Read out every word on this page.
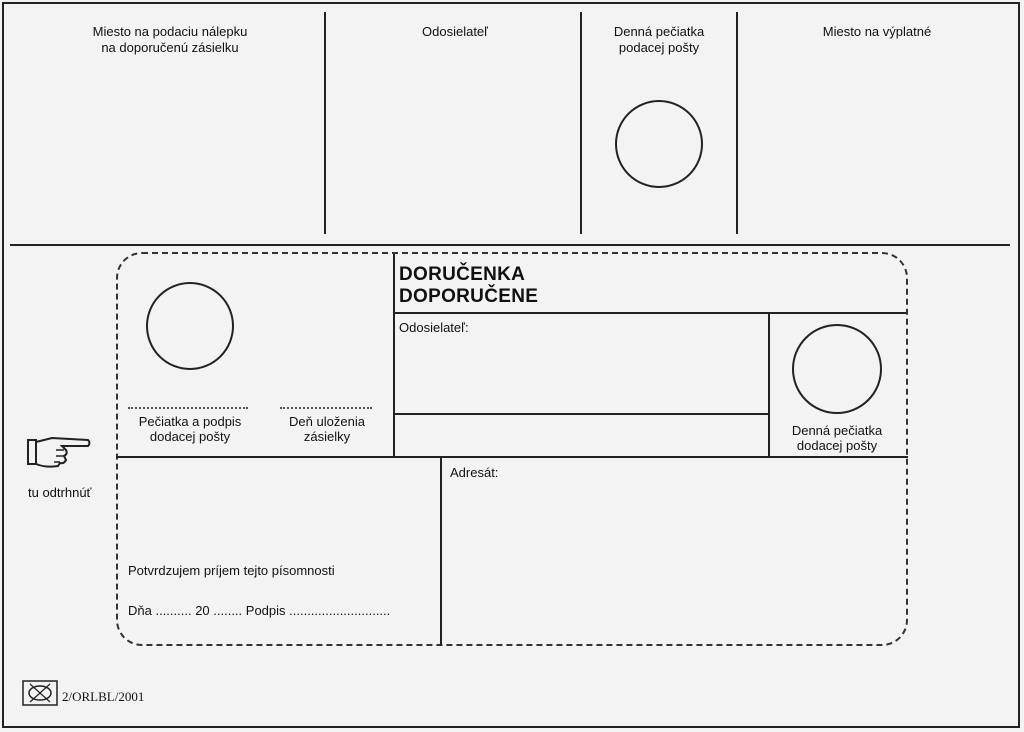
Miesto na podaciu nálepku
na doporučenú zásielku
Odosielateľ	Denná pečiatka
podacej pošty
Miesto na výplatné
DORUČENKA
DOPORUČENE
Pečiatka a podpis
dodacej pošty
Deň uloženia
zásielky
Odosielateľ:
Denná pečiatka
dodacej pošty
Adresát:
Potvrdzujem príjem tejto písomnosti
Dňa .......... 20 ........ Podpis ............................
tu odtrhnúť
2/ORLBL/2001
